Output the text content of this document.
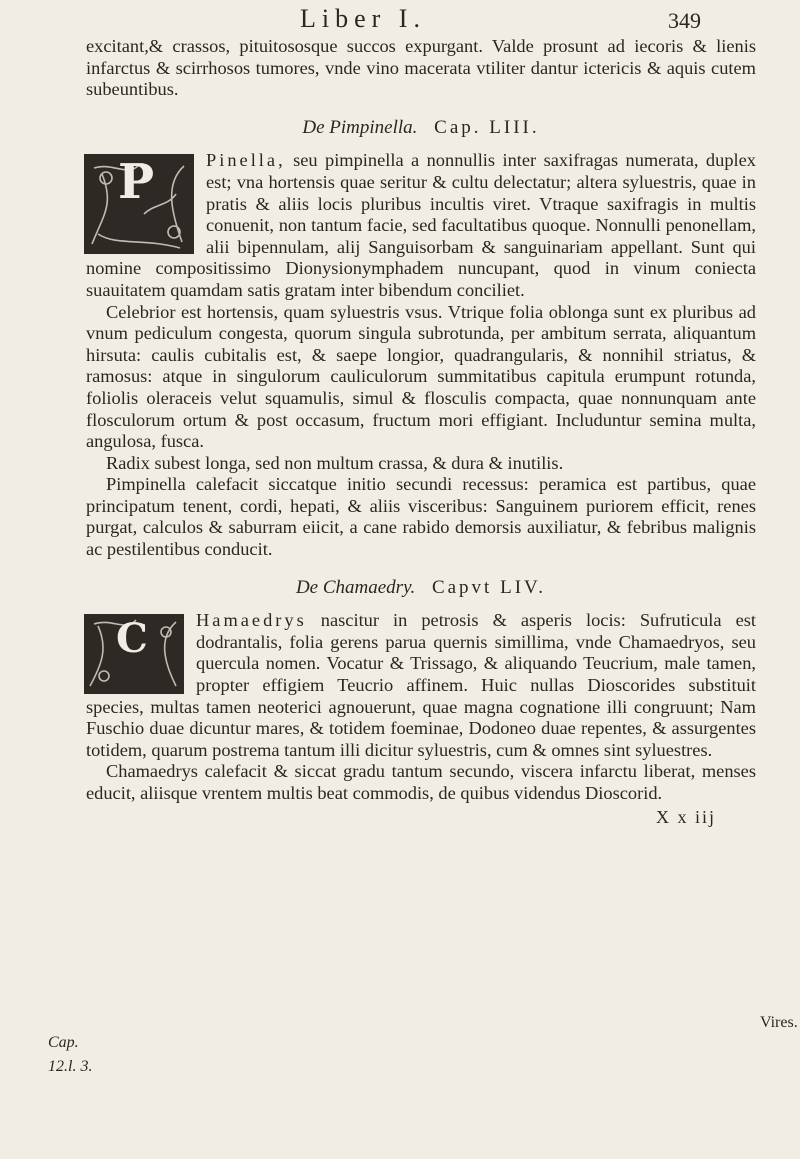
Liber I.	349

excitant,& crassos, pituitososque succos expurgant. Valde prosunt ad iecoris & lienis infarctus & scirrhosos tumores, vnde vino macerata vtiliter dantur ictericis & aquis cutem subeuntibus.

De Pimpinella. Cap. LIII.
P	Pinella, seu pimpinella a nonnullis inter saxifragas numerata, duplex est; vna hortensis quae seritur & cultu delectatur; altera syluestris, quae in pratis & aliis locis pluribus incultis viret. Vtraque saxifragis in multis conuenit, non tantum facie, sed facultatibus quoque. Nonnulli penonellam, alii bipennulam, alij Sanguisorbam & sanguinariam appellant. Sunt qui nomine compositissimo Dionysionymphadem nuncupant, quod in vinum coniecta suauitatem quamdam satis gratam inter bibendum conciliet.

Celebrior est hortensis, quam syluestris vsus. Vtrique folia oblonga sunt ex pluribus ad vnum pediculum congesta, quorum singula subrotunda, per ambitum serrata, aliquantum hirsuta: caulis cubitalis est, & saepe longior, quadrangularis, & nonnihil striatus, & ramosus: atque in singulorum cauliculorum summitatibus capitula erumpunt rotunda, foliolis oleraceis velut squamulis, simul & flosculis compacta, quae nonnunquam ante flosculorum ortum & post occasum, fructum mori effigiant. Includuntur semina multa, angulosa, fusca.

Radix subest longa, sed non multum crassa, & dura & inutilis.

Pimpinella calefacit siccatque initio secundi recessus: peramica est partibus, quae principatum tenent, cordi, hepati, & aliis visceribus: Sanguinem puriorem efficit, renes purgat, calculos & saburram eiicit, a cane rabido demorsis auxiliatur, & febribus malignis ac pestilentibus conducit.

De Chamaedry. Capvt LIV.
C	Hamaedrys nascitur in petrosis & asperis locis: Sufruticula est dodrantalis, folia gerens parua quernis simillima, vnde Chamaedryos, seu quercula nomen. Vocatur & Trissago, & aliquando Teucrium, male tamen, propter effigiem Teucrio affinem. Huic nullas Dioscorides substituit species, multas tamen neoterici agnouerunt, quae magna cognatione illi congruunt; Nam Fuschio duae dicuntur mares, & totidem foeminae, Dodoneo duae repentes, & assurgentes totidem, quarum postrema tantum illi dicitur syluestris, cum & omnes sint syluestres.

Chamaedrys calefacit & siccat gradu tantum secundo, viscera infarctu liberat, menses educit, aliisque vrentem multis beat commodis, de quibus videndus Dioscorid.

X x iij
Vires.
Cap.
12.l. 3.
